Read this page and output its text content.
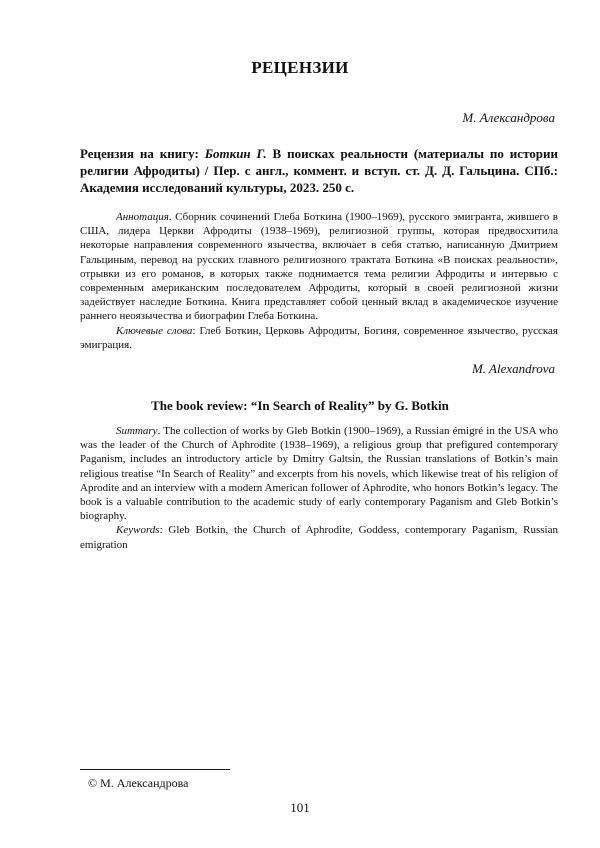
РЕЦЕНЗИИ
М. Александрова
Рецензия на книгу: Боткин Г. В поисках реальности (материалы по истории религии Афродиты) / Пер. с англ., коммент. и вступ. ст. Д. Д. Гальцина. СПб.: Академия исследований культуры, 2023. 250 с.

Аннотация. Сборник сочинений Глеба Боткина (1900–1969), русского эмигранта, жившего в США, лидера Церкви Афродиты (1938–1969), религиозной группы, которая предвосхитила некоторые направления современного язычества, включает в себя статью, написанную Дмитрием Гальциным, перевод на русских главного религиозного трактата Боткина «В поисках реальности», отрывки из его романов, в которых также поднимается тема религии Афродиты и интервью с современным американским последователем Афродиты, который в своей религиозной жизни задействует наследие Боткина. Книга представляет собой ценный вклад в академическое изучение раннего неоязычества и биографии Глеба Боткина.

Ключевые слова: Глеб Боткин, Церковь Афродиты, Богиня, современное язычество, русская эмиграция.

M. Alexandrova
The book review: “In Search of Reality” by G. Botkin

Summary. The collection of works by Gleb Botkin (1900–1969), a Russian émigré in the USA who was the leader of the Church of Aphrodite (1938–1969), a religious group that prefigured contemporary Paganism, includes an introductory article by Dmitry Galtsin, the Russian translations of Botkin’s main religious treatise “In Search of Reality” and excerpts from his novels, which likewise treat of his religion of Aprodite and an interview with a modern American follower of Aphrodite, who honors Botkin’s legacy. The book is a valuable contribution to the academic study of early contemporary Paganism and Gleb Botkin’s biography.

Keywords: Gleb Botkin, the Church of Aphrodite, Goddess, contemporary Paganism, Russian emigration

© М. Александрова
101
